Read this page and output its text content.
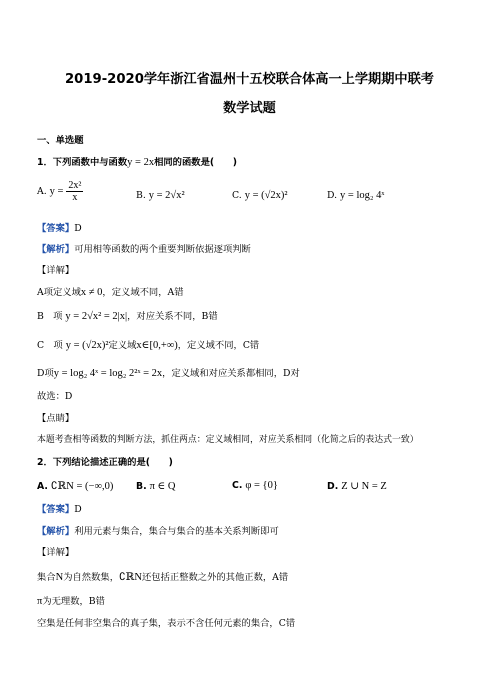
2019-2020学年浙江省温州十五校联合体高一上学期期中联考
数学试题
一、单选题
1．下列函数中与函数y = 2x相同的函数是(　　)
A. $y = \frac{\text{2x²}}{x}$	B. y = 2√x²	C. y = (√2x)²	D. y = log₂ 4ˣ
【答案】D
【解析】可用相等函数的两个重要判断依据逐项判断
【详解】
A项定义域x ≠ 0，定义域不同，A错
B　项 y = 2√x² = 2|x|，对应关系不同，B错
C　项 y = (√2x)²定义域x∈[0,+∞)，定义域不同，C错
D项y = log₂ 4ˣ = log₂ 2²ˣ = 2x，定义域和对应关系都相同，D对
故选：D
【点睛】
本题考查相等函数的判断方法，抓住两点：定义域相同，对应关系相同（化简之后的表达式一致）
2．下列结论描述正确的是(　　)
A. ∁ℝN = (−∞,0) B. π ∈ Q	C. φ = {0}	D. Z ∪ N = Z
【答案】D
【解析】利用元素与集合，集合与集合的基本关系判断即可
【详解】
集合N为自然数集，∁ℝN还包括正整数之外的其他正数，A错
π为无理数，B错
空集是任何非空集合的真子集，表示不含任何元素的集合，C错
